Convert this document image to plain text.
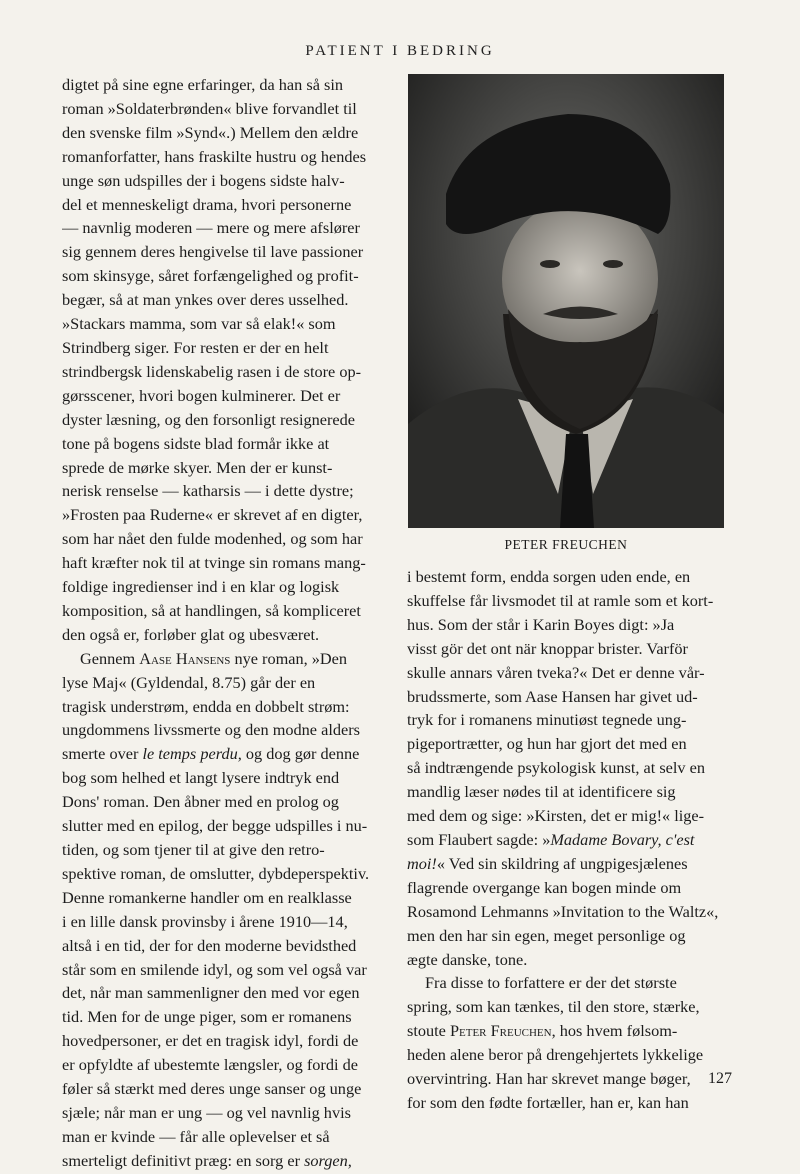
PATIENT I BEDRING
digtet på sine egne erfaringer, da han så sin
roman »Soldaterbrønden« blive forvandlet til
den svenske film »Synd«.) Mellem den ældre
romanforfatter, hans fraskilte hustru og hendes
unge søn udspilles der i bogens sidste halv-
del et menneskeligt drama, hvori personerne
— navnlig moderen — mere og mere afslører
sig gennem deres hengivelse til lave passioner
som skinsyge, såret forfængelighed og profit-
begær, så at man ynkes over deres usselhed.
»Stackars mamma, som var så elak!« som
Strindberg siger. For resten er der en helt
strindbergsk lidenskabelig rasen i de store op-
gørsscener, hvori bogen kulminerer. Det er
dyster læsning, og den forsonligt resignerede
tone på bogens sidste blad formår ikke at
sprede de mørke skyer. Men der er kunst-
nerisk renselse — katharsis — i dette dystre;
»Frosten paa Ruderne« er skrevet af en digter,
som har nået den fulde modenhed, og som har
haft kræfter nok til at tvinge sin romans mang-
foldige ingredienser ind i en klar og logisk
komposition, så at handlingen, så kompliceret
den også er, forløber glat og ubesværet.
Gennem Aase Hansens nye roman, »Den
lyse Maj« (Gyldendal, 8.75) går der en
tragisk understrøm, endda en dobbelt strøm:
ungdommens livssmerte og den modne alders
smerte over le temps perdu, og dog gør denne
bog som helhed et langt lysere indtryk end
Dons' roman. Den åbner med en prolog og
slutter med en epilog, der begge udspilles i nu-
tiden, og som tjener til at give den retro-
spektive roman, de omslutter, dybdeperspektiv.
Denne romankerne handler om en realklasse
i en lille dansk provinsby i årene 1910—14,
altså i en tid, der for den moderne bevidsthed
står som en smilende idyl, og som vel også var
det, når man sammenligner den med vor egen
tid. Men for de unge piger, som er romanens
hovedpersoner, er det en tragisk idyl, fordi de
er opfyldte af ubestemte længsler, og fordi de
føler så stærkt med deres unge sanser og unge
sjæle; når man er ung — og vel navnlig hvis
man er kvinde — får alle oplevelser et så
smerteligt definitivt præg: en sorg er sorgen,
PETER FREUCHEN
i bestemt form, endda sorgen uden ende, en
skuffelse får livsmodet til at ramle som et kort-
hus. Som der står i Karin Boyes digt: »Ja
visst gör det ont när knoppar brister. Varför
skulle annars våren tveka?« Det er denne vår-
brudssmerte, som Aase Hansen har givet ud-
tryk for i romanens minutiøst tegnede ung-
pigeportrætter, og hun har gjort det med en
så indtrængende psykologisk kunst, at selv en
mandlig læser nødes til at identificere sig
med dem og sige: »Kirsten, det er mig!« lige-
som Flaubert sagde: »Madame Bovary, c'est
moi!« Ved sin skildring af ungpigesjælenes
flagrende overgange kan bogen minde om
Rosamond Lehmanns »Invitation to the Waltz«,
men den har sin egen, meget personlige og
ægte danske, tone.
Fra disse to forfattere er der det største
spring, som kan tænkes, til den store, stærke,
stoute Peter Freuchen, hos hvem følsom-
heden alene beror på drengehjertets lykkelige
overvintring. Han har skrevet mange bøger,
for som den fødte fortæller, han er, kan han
127
